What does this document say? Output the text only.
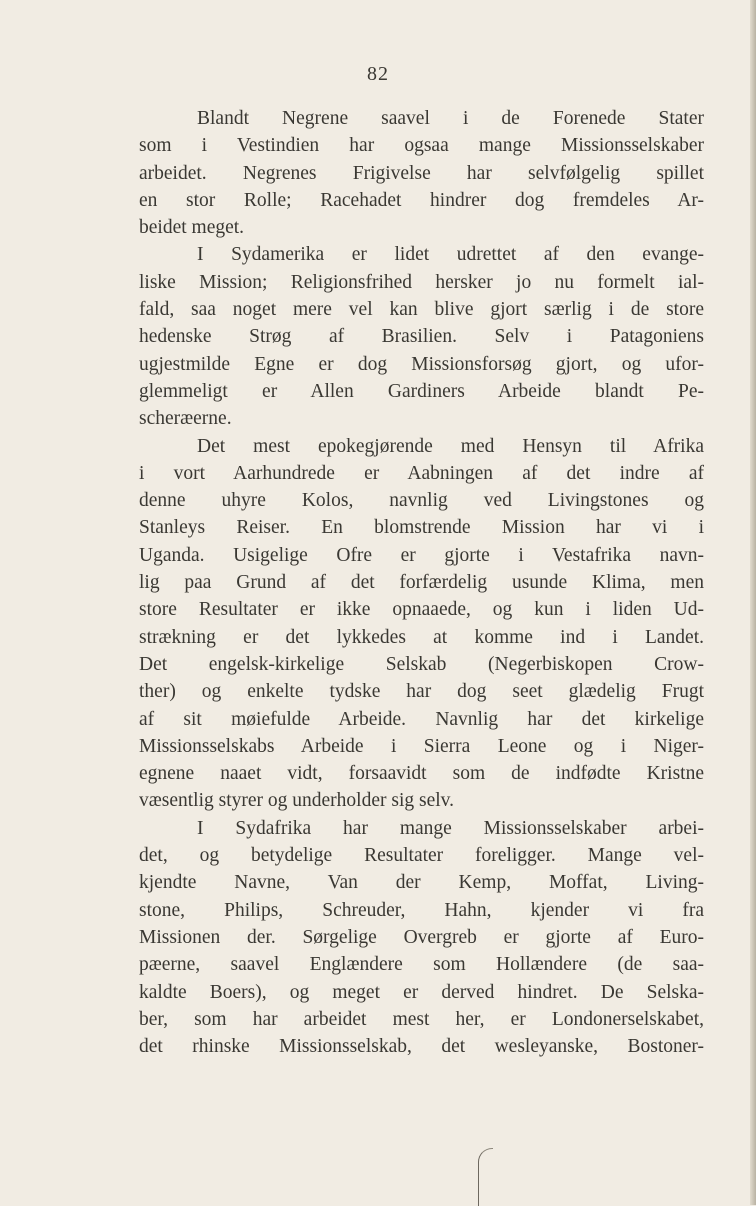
82
Blandt Negrene saavel i de Forenede Stater
som i Vestindien har ogsaa mange Missionsselskaber
arbeidet. Negrenes Frigivelse har selvfølgelig spillet
en stor Rolle; Racehadet hindrer dog fremdeles Ar-
beidet meget.
I Sydamerika er lidet udrettet af den evange-
liske Mission; Religionsfrihed hersker jo nu formelt ial-
fald, saa noget mere vel kan blive gjort særlig i de store
hedenske Strøg af Brasilien. Selv i Patagoniens
ugjestmilde Egne er dog Missionsforsøg gjort, og ufor-
glemmeligt er Allen Gardiners Arbeide blandt Pe-
scheræerne.
Det mest epokegjørende med Hensyn til Afrika
i vort Aarhundrede er Aabningen af det indre af
denne uhyre Kolos, navnlig ved Livingstones og
Stanleys Reiser. En blomstrende Mission har vi i
Uganda. Usigelige Ofre er gjorte i Vestafrika navn-
lig paa Grund af det forfærdelig usunde Klima, men
store Resultater er ikke opnaaede, og kun i liden Ud-
strækning er det lykkedes at komme ind i Landet.
Det engelsk-kirkelige Selskab (Negerbiskopen Crow-
ther) og enkelte tydske har dog seet glædelig Frugt
af sit møiefulde Arbeide. Navnlig har det kirkelige
Missionsselskabs Arbeide i Sierra Leone og i Niger-
egnene naaet vidt, forsaavidt som de indfødte Kristne
væsentlig styrer og underholder sig selv.
I Sydafrika har mange Missionsselskaber arbei-
det, og betydelige Resultater foreligger. Mange vel-
kjendte Navne, Van der Kemp, Moffat, Living-
stone, Philips, Schreuder, Hahn, kjender vi fra
Missionen der. Sørgelige Overgreb er gjorte af Euro-
pæerne, saavel Englændere som Hollændere (de saa-
kaldte Boers), og meget er derved hindret. De Selska-
ber, som har arbeidet mest her, er Londonerselskabet,
det rhinske Missionsselskab, det wesleyanske, Bostoner-
